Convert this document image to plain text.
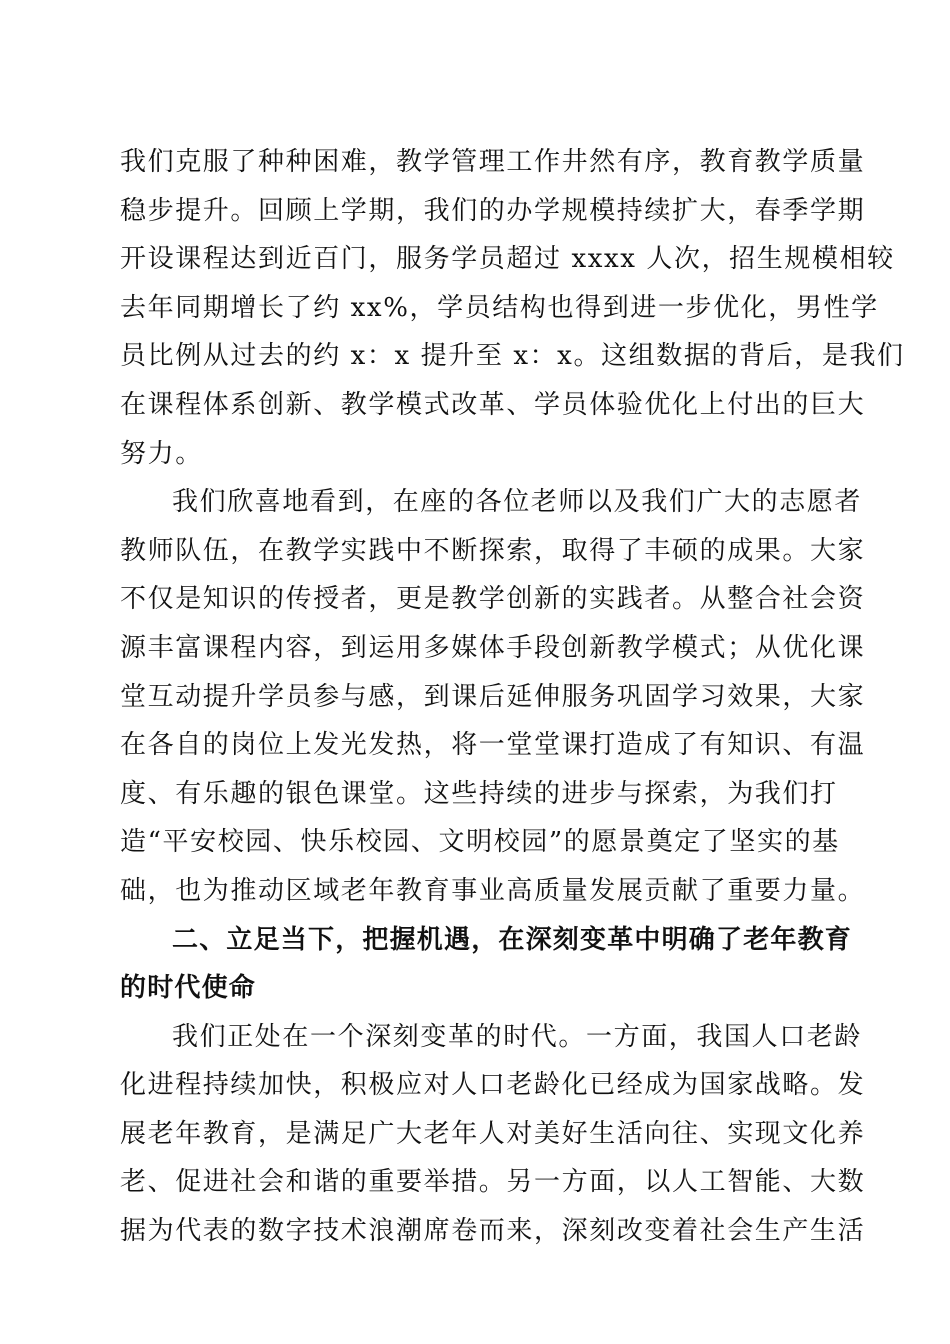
我们克服了种种困难，教学管理工作井然有序，教育教学质量
稳步提升。回顾上学期，我们的办学规模持续扩大，春季学期
开设课程达到近百门，服务学员超过 xxxx 人次，招生规模相较
去年同期增长了约 xx%，学员结构也得到进一步优化，男性学
员比例从过去的约 x：x 提升至 x：x。这组数据的背后，是我们
在课程体系创新、教学模式改革、学员体验优化上付出的巨大
努力。
我们欣喜地看到，在座的各位老师以及我们广大的志愿者
教师队伍，在教学实践中不断探索，取得了丰硕的成果。大家
不仅是知识的传授者，更是教学创新的实践者。从整合社会资
源丰富课程内容，到运用多媒体手段创新教学模式；从优化课
堂互动提升学员参与感，到课后延伸服务巩固学习效果，大家
在各自的岗位上发光发热，将一堂堂课打造成了有知识、有温
度、有乐趣的银色课堂。这些持续的进步与探索，为我们打
造“平安校园、快乐校园、文明校园”的愿景奠定了坚实的基
础，也为推动区域老年教育事业高质量发展贡献了重要力量。
二、立足当下，把握机遇，在深刻变革中明确了老年教育
的时代使命
我们正处在一个深刻变革的时代。一方面，我国人口老龄
化进程持续加快，积极应对人口老龄化已经成为国家战略。发
展老年教育，是满足广大老年人对美好生活向往、实现文化养
老、促进社会和谐的重要举措。另一方面，以人工智能、大数
据为代表的数字技术浪潮席卷而来，深刻改变着社会生产生活
